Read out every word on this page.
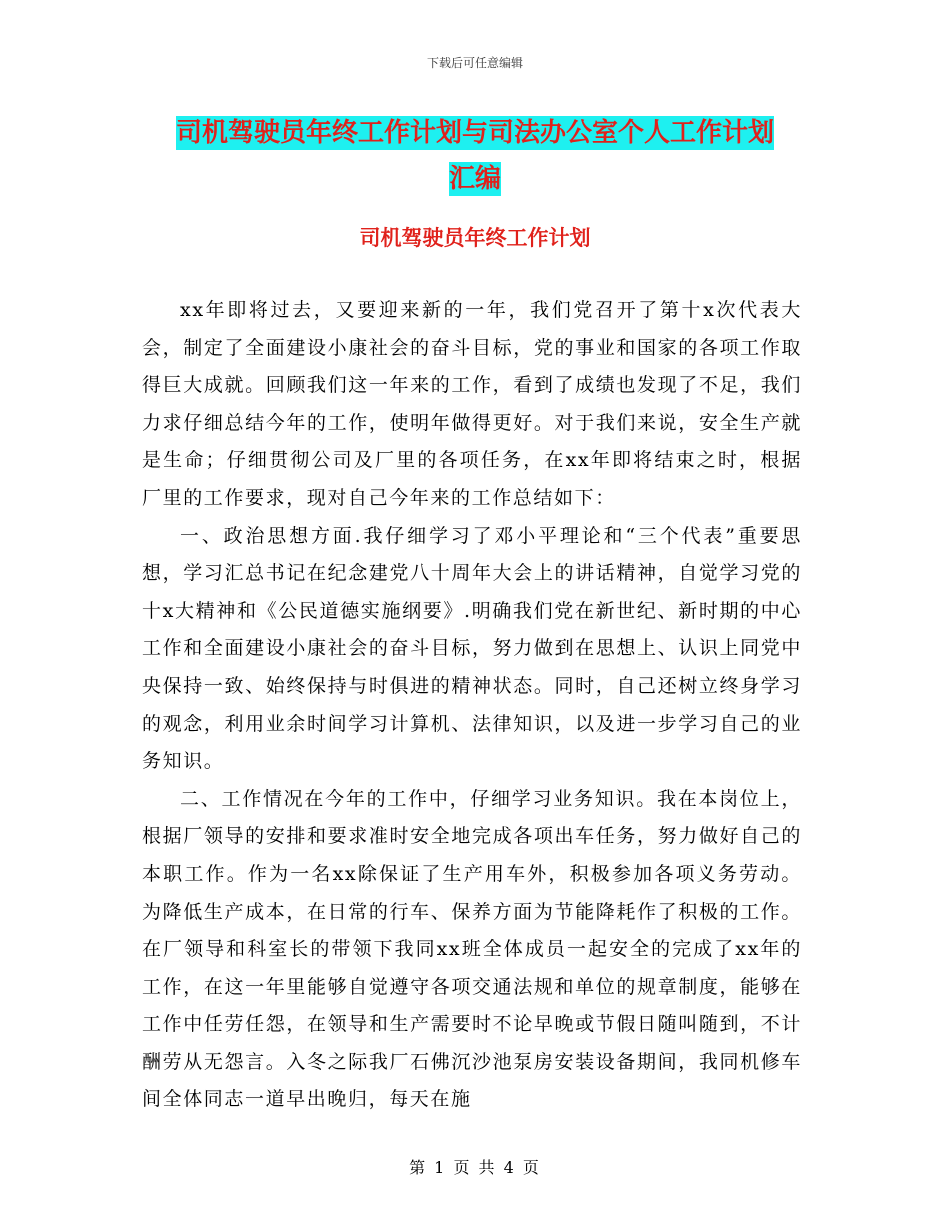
下载后可任意编辑
司机驾驶员年终工作计划与司法办公室个人工作计划
汇编
司机驾驶员年终工作计划

xx年即将过去，又要迎来新的一年，我们党召开了第十x次代表大会，制定了全面建设小康社会的奋斗目标，党的事业和国家的各项工作取得巨大成就。回顾我们这一年来的工作，看到了成绩也发现了不足，我们力求仔细总结今年的工作，使明年做得更好。对于我们来说，安全生产就是生命；仔细贯彻公司及厂里的各项任务，在xx年即将结束之时，根据厂里的工作要求，现对自己今年来的工作总结如下：

一、政治思想方面.我仔细学习了邓小平理论和“三个代表”重要思想，学习汇总书记在纪念建党八十周年大会上的讲话精神，自觉学习党的十x大精神和《公民道德实施纲要》.明确我们党在新世纪、新时期的中心工作和全面建设小康社会的奋斗目标，努力做到在思想上、认识上同党中央保持一致、始终保持与时俱进的精神状态。同时，自己还树立终身学习的观念，利用业余时间学习计算机、法律知识，以及进一步学习自己的业务知识。

二、工作情况在今年的工作中，仔细学习业务知识。我在本岗位上，根据厂领导的安排和要求准时安全地完成各项出车任务，努力做好自己的本职工作。作为一名xx除保证了生产用车外，积极参加各项义务劳动。为降低生产成本，在日常的行车、保养方面为节能降耗作了积极的工作。在厂领导和科室长的带领下我同xx班全体成员一起安全的完成了xx年的工作，在这一年里能够自觉遵守各项交通法规和单位的规章制度，能够在工作中任劳任怨，在领导和生产需要时不论早晚或节假日随叫随到，不计酬劳从无怨言。入冬之际我厂石佛沉沙池泵房安装设备期间，我同机修车间全体同志一道早出晚归，每天在施

第 1 页 共 4 页
